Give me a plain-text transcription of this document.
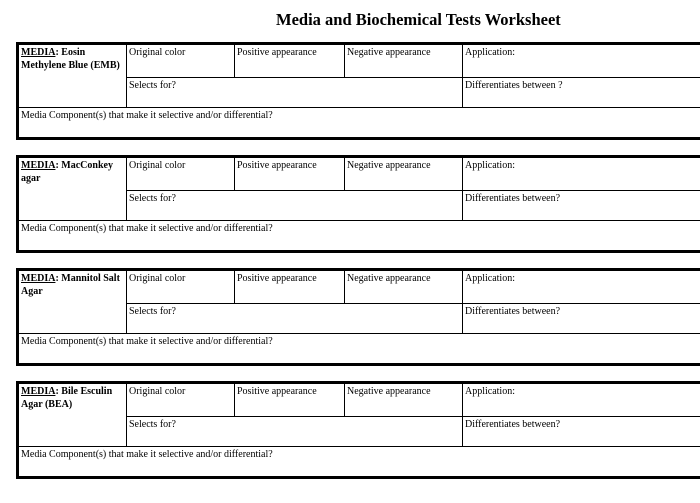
Media and Biochemical Tests Worksheet
MEDIA: Eosin Methylene Blue (EMB)
Original color	Positive appearance	Negative appearance	Application:
Selects for?	Differentiates between ?
Media Component(s) that make it selective and/or differential?
MEDIA: MacConkey agar
Original color	Positive appearance	Negative appearance	Application:
Selects for?	Differentiates between?
Media Component(s) that make it selective and/or differential?
MEDIA: Mannitol Salt Agar
Original color	Positive appearance	Negative appearance	Application:
Selects for?	Differentiates between?
Media Component(s) that make it selective and/or differential?
MEDIA: Bile Esculin Agar (BEA)
Original color	Positive appearance	Negative appearance	Application:
Selects for?	Differentiates between?
Media Component(s) that make it selective and/or differential?
